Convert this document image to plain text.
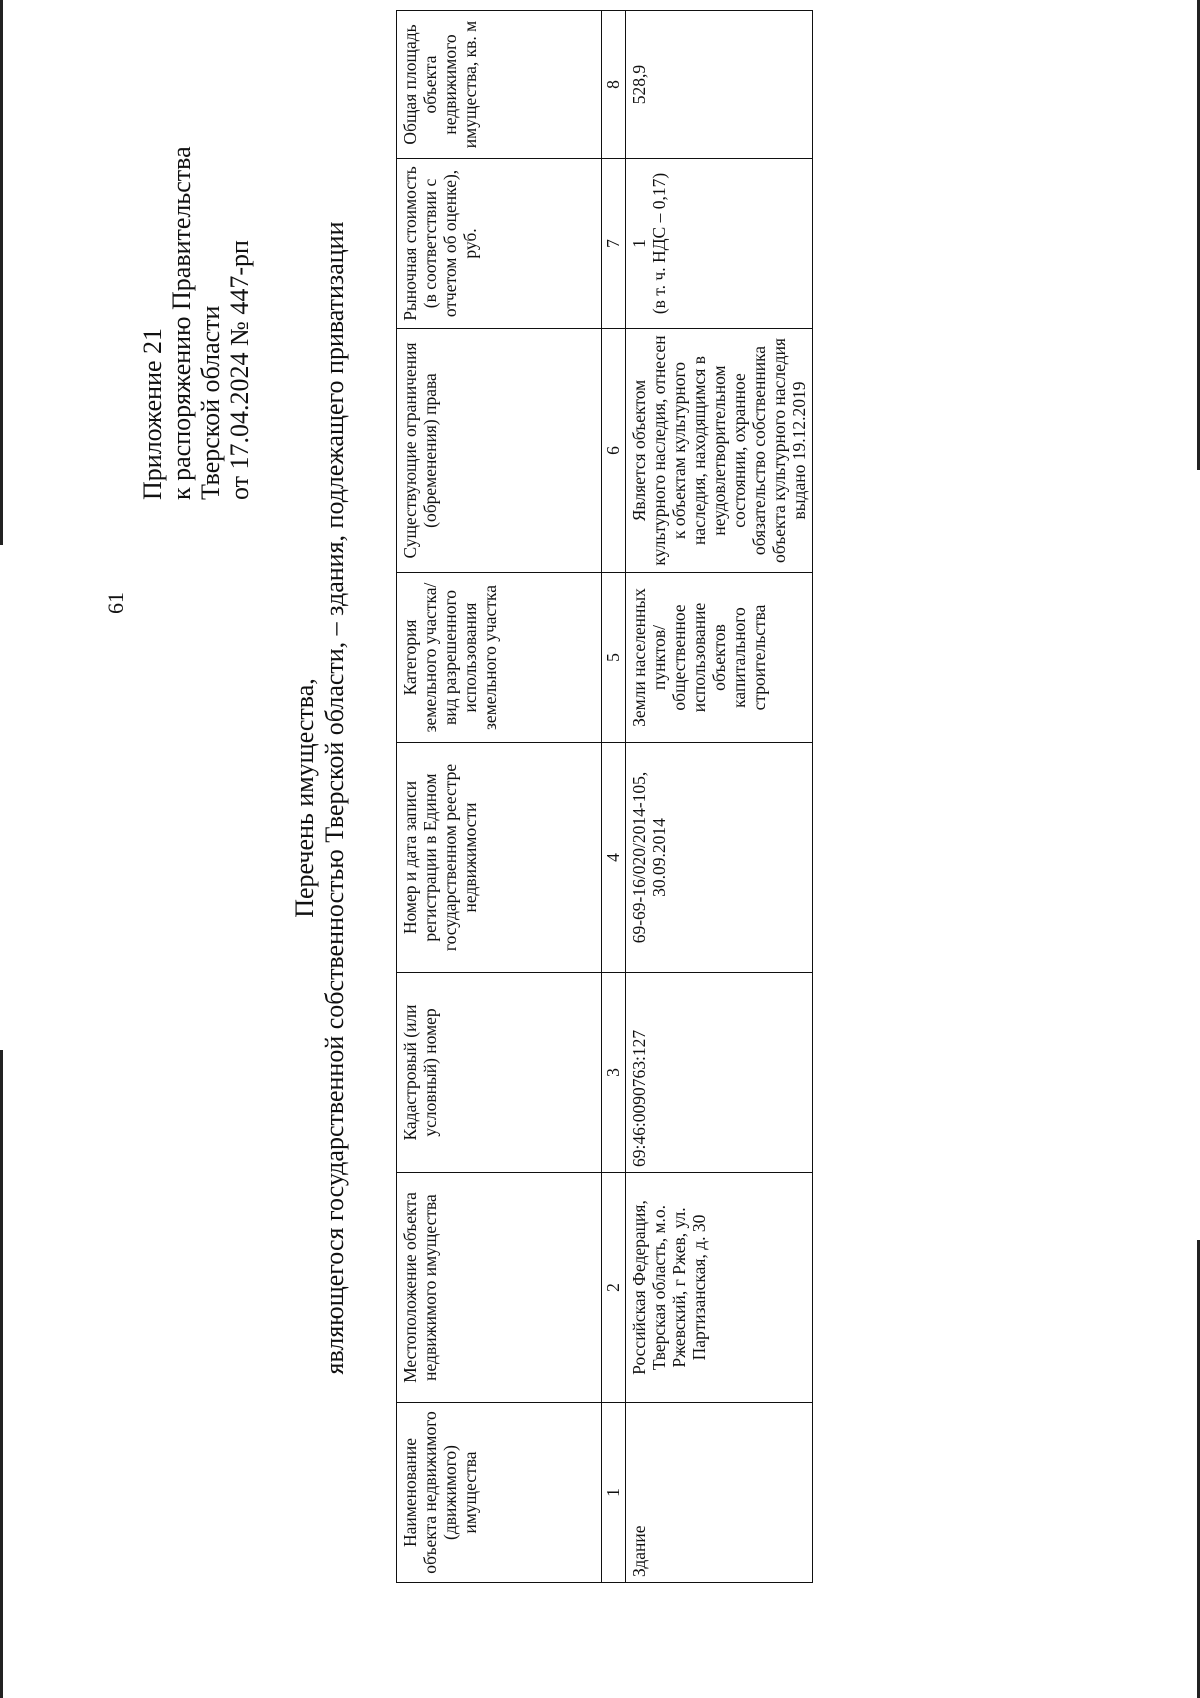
61
Приложение 21 к распоряжению Правительства Тверской области от 17.04.2024 № 447-рп
Перечень имущества, являющегося государственной собственностью Тверской области, – здания, подлежащего приватизации
Наименование объекта недвижимого (движимого) имущества	Местоположение объекта недвижимого имущества	Кадастровый (или условный) номер	Номер и дата записи регистрации в Едином государственном реестре недвижимости	Категория земельного участка/вид разрешенного использования земельного участка	Существующие ограничения (обременения) права	Рыночная стоимость (в соответствии с отчетом об оценке), руб.	Общая площадь объекта недвижимого имущества, кв. м
1	2	3	4	5	6	7	8
Здание	Российская Федерация, Тверская область, м.о. Ржевский, г Ржев, ул. Партизанская, д. 30	69:46:0090763:127	69-69-16/020/2014-105, 30.09.2014	Земли населенных пунктов/ общественное использование объектов капитального строительства	Является объектом культурного наследия, отнесен к объектам культурного наследия, находящимся в неудовлетворительном состоянии, охранное обязательство собственника объекта культурного наследия выдано 19.12.2019	1 (в т. ч. НДС – 0,17)	528,9
